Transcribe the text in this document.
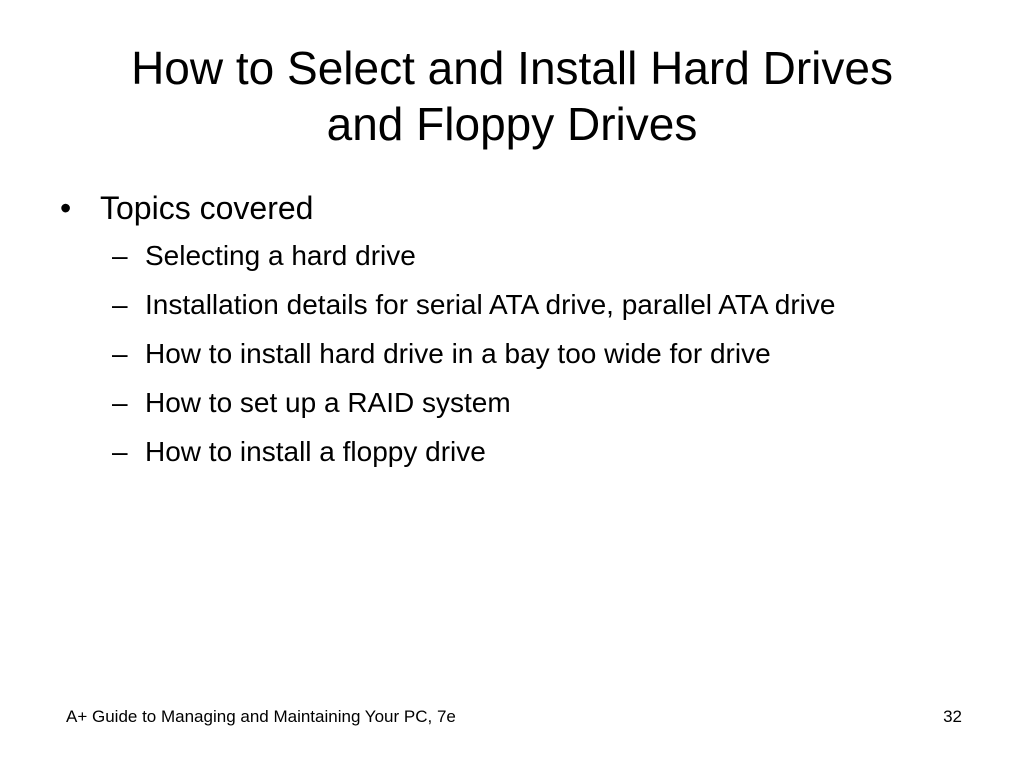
How to Select and Install Hard Drives
and Floppy Drives
• Topics covered
– Selecting a hard drive
– Installation details for serial ATA drive, parallel ATA drive
– How to install hard drive in a bay too wide for drive
– How to set up a RAID system
– How to install a floppy drive
A+ Guide to Managing and Maintaining Your PC, 7e	32
